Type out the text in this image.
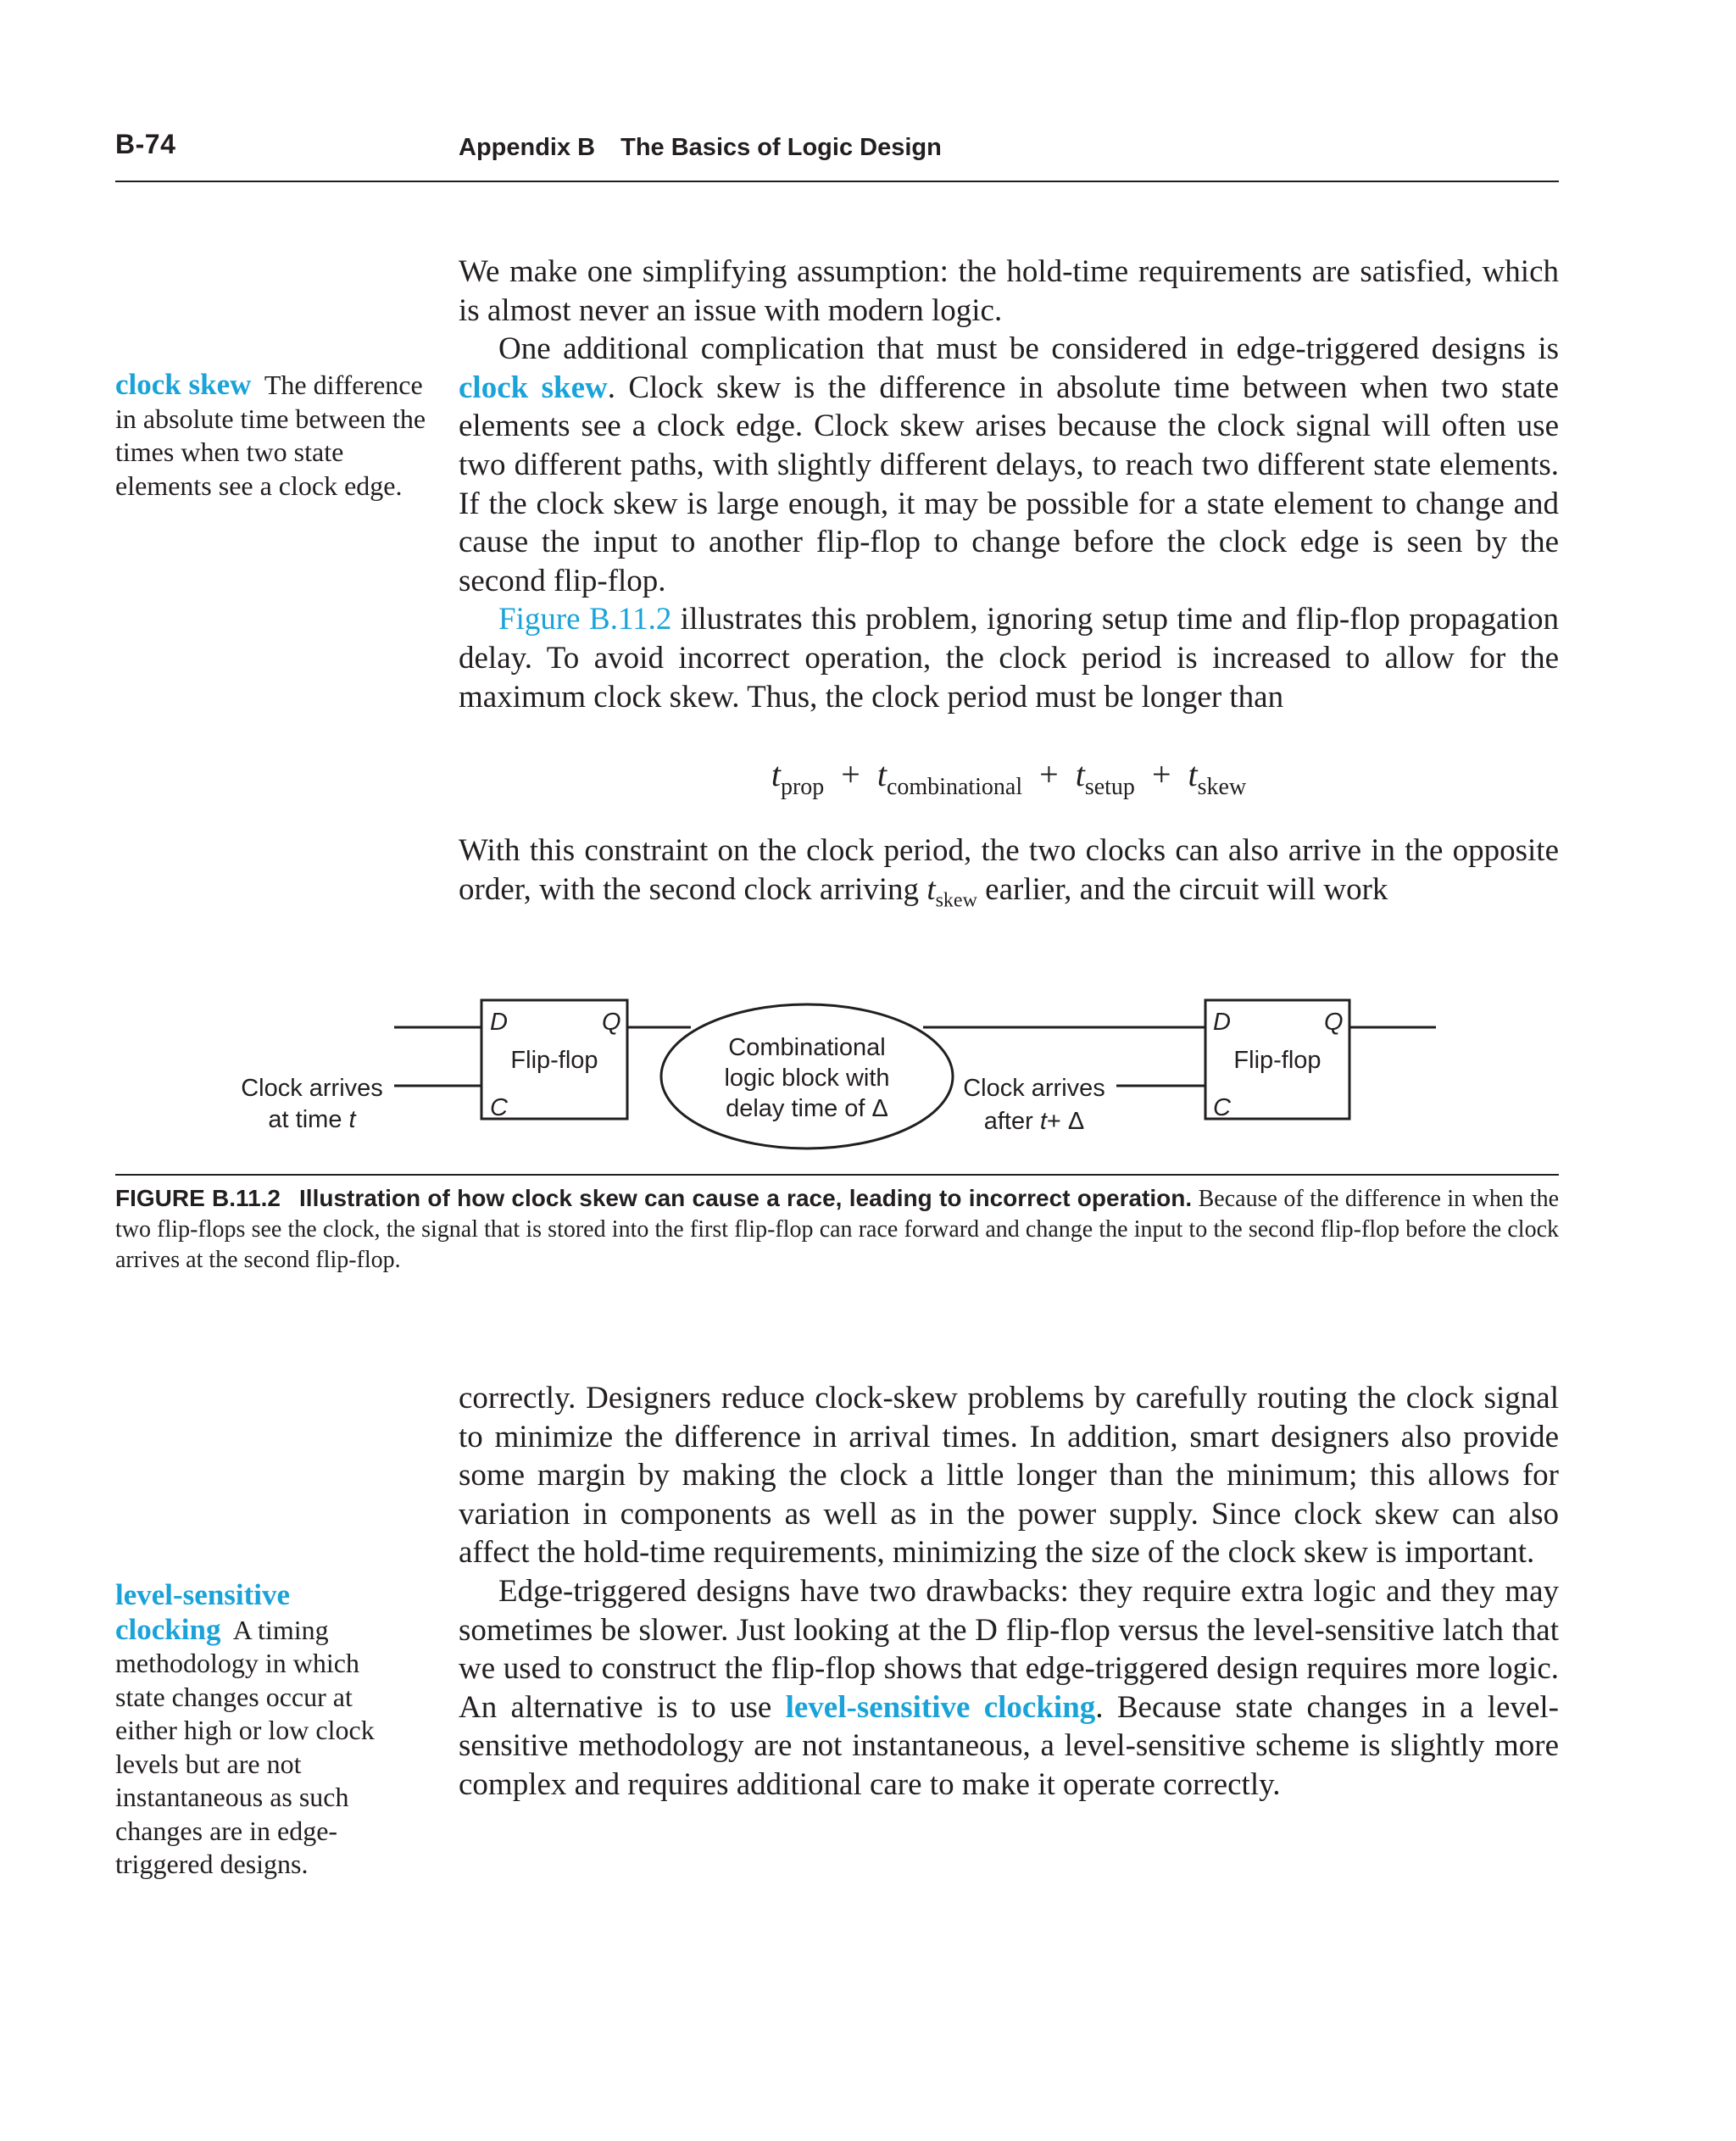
B-74	Appendix B The Basics of Logic Design

We make one simplifying assumption: the hold-time requirements are satisfied, which is almost never an issue with modern logic.

One additional complication that must be considered in edge-triggered designs is clock skew. Clock skew is the difference in absolute time between when two state elements see a clock edge. Clock skew arises because the clock signal will often use two different paths, with slightly different delays, to reach two different state elements. If the clock skew is large enough, it may be possible for a state element to change and cause the input to another flip-flop to change before the clock edge is seen by the second flip-flop.

Figure B.11.2 illustrates this problem, ignoring setup time and flip-flop propagation delay. To avoid incorrect operation, the clock period is increased to allow for the maximum clock skew. Thus, the clock period must be longer than

clock skew The difference in absolute time between the times when two state elements see a clock edge.
$t_{prop} + t_{combinational} + t_{setup} + t_{skew}$

With this constraint on the clock period, the two clocks can also arrive in the opposite order, with the second clock arriving $t_{skew}$ earlier, and the circuit will work

D	Q
Flip-flop
C
Combinational
logic block with
delay time of Δ
D	Q
Flip-flop
C
Clock arrives
at time t
Clock arrives
after t+ Δ

FIGURE B.11.2 Illustration of how clock skew can cause a race, leading to incorrect operation. Because of the difference in when the two flip-flops see the clock, the signal that is stored into the first flip-flop can race forward and change the input to the second flip-flop before the clock arrives at the second flip-flop.

correctly. Designers reduce clock-skew problems by carefully routing the clock signal to minimize the difference in arrival times. In addition, smart designers also provide some margin by making the clock a little longer than the minimum; this allows for variation in components as well as in the power supply. Since clock skew can also affect the hold-time requirements, minimizing the size of the clock skew is important.

Edge-triggered designs have two drawbacks: they require extra logic and they may sometimes be slower. Just looking at the D flip-flop versus the level-sensitive latch that we used to construct the flip-flop shows that edge-triggered design requires more logic. An alternative is to use level-sensitive clocking. Because state changes in a level-sensitive methodology are not instantaneous, a level-sensitive scheme is slightly more complex and requires additional care to make it operate correctly.

level-sensitive clocking A timing methodology in which state changes occur at either high or low clock levels but are not instantaneous as such changes are in edge-triggered designs.
